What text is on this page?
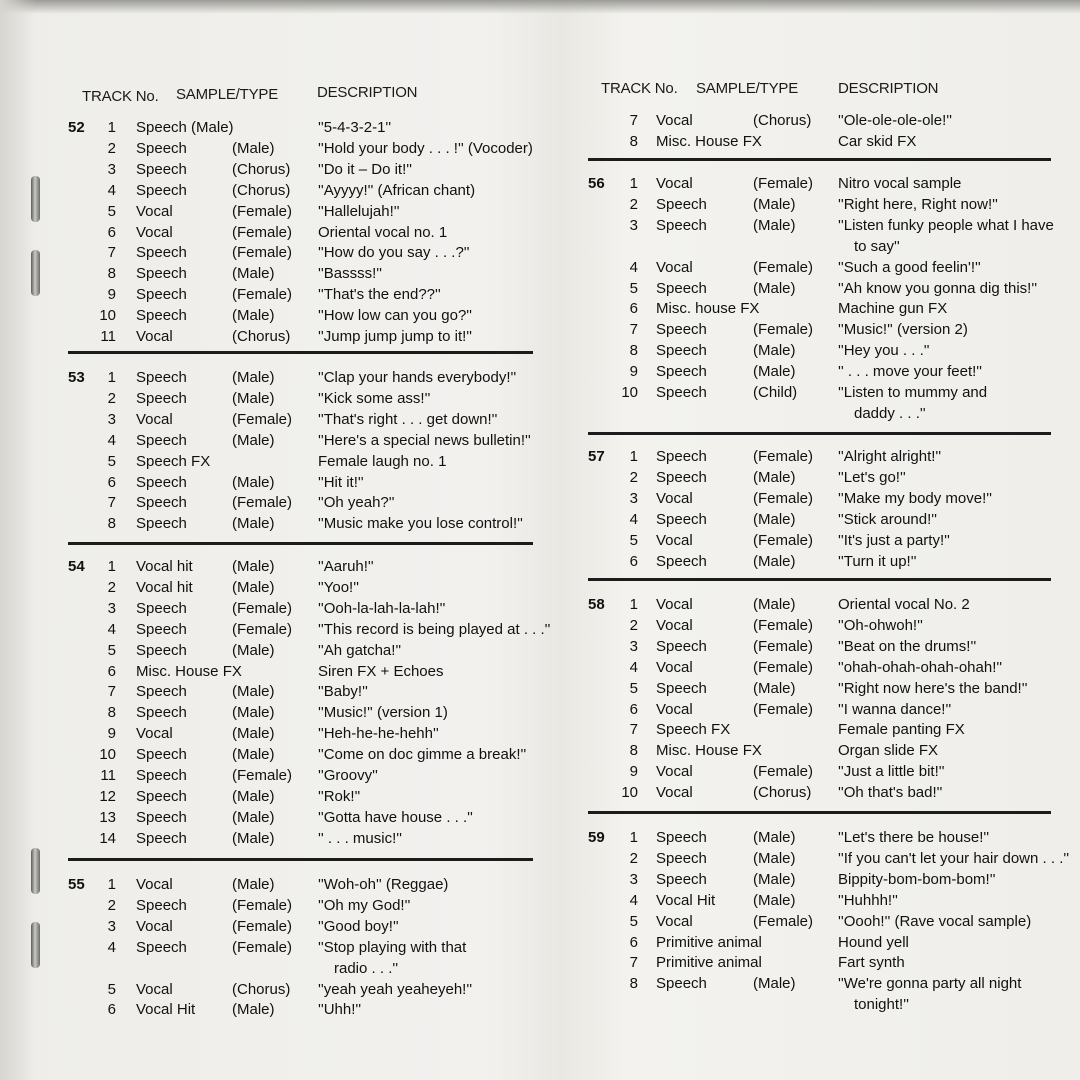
TRACK No. SAMPLE/TYPE	DESCRIPTION
52	1 Speech (Male)	''5-4-3-2-1''
2 Speech	(Male)	''Hold your body . . . !'' (Vocoder)
3 Speech	(Chorus) ''Do it – Do it!''
4 Speech	(Chorus) ''Ayyyy!'' (African chant)
5 Vocal	(Female) ''Hallelujah!''
6 Vocal	(Female) Oriental vocal no. 1
7 Speech	(Female) ''How do you say . . .?''
8 Speech	(Male)	''Bassss!''
9 Speech	(Female) ''That's the end??''
10 Speech	(Male)	''How low can you go?''
11 Vocal	(Chorus) ''Jump jump jump to it!''
53	1 Speech	(Male)	''Clap your hands everybody!''
2 Speech	(Male)	''Kick some ass!''
3 Vocal	(Female) ''That's right . . . get down!''
4 Speech	(Male)	''Here's a special news bulletin!''
5 Speech FX	Female laugh no. 1
6 Speech	(Male)	''Hit it!''
7 Speech	(Female) ''Oh yeah?''
8 Speech	(Male)	''Music make you lose control!''
54	1 Vocal hit	(Male)	''Aaruh!''
2 Vocal hit	(Male)	''Yoo!''
3 Speech	(Female) ''Ooh-la-lah-la-lah!''
4 Speech	(Female) ''This record is being played at . . .''
5 Speech	(Male)	''Ah gatcha!''
6 Misc. House FX	Siren FX + Echoes
7 Speech	(Male)	''Baby!''
8 Speech	(Male)	''Music!'' (version 1)
9 Vocal	(Male)	''Heh-he-he-hehh''
10 Speech	(Male)	''Come on doc gimme a break!''
11 Speech	(Female) ''Groovy''
12 Speech	(Male)	''Rok!''
13 Speech	(Male)	''Gotta have house . . .''
14 Speech	(Male)	'' . . . music!''
55	1 Vocal	(Male)	''Woh-oh'' (Reggae)
2 Speech	(Female) ''Oh my God!''
3 Vocal	(Female) ''Good boy!''
4 Speech	(Female) ''Stop playing with that
radio . . .''
5 Vocal	(Chorus) ''yeah yeah yeaheyeh!''
6 Vocal Hit (Male)	''Uhh!''
TRACK No. SAMPLE/TYPE	DESCRIPTION
7 Vocal	(Chorus) ''Ole-ole-ole-ole!''
8 Misc. House FX	Car skid FX
56	1 Vocal	(Female) Nitro vocal sample
2 Speech	(Male)	''Right here, Right now!''
3 Speech	(Male)	''Listen funky people what I have
to say''
4 Vocal	(Female) ''Such a good feelin'!''
5 Speech	(Male)	''Ah know you gonna dig this!''
6 Misc. house FX	Machine gun FX
7 Speech	(Female) ''Music!'' (version 2)
8 Speech	(Male)	''Hey you . . .''
9 Speech	(Male)	'' . . . move your feet!''
10 Speech	(Child)	''Listen to mummy and
daddy . . .''
57	1 Speech	(Female) ''Alright alright!''
2 Speech	(Male)	''Let's go!''
3 Vocal	(Female) ''Make my body move!''
4 Speech	(Male)	''Stick around!''
5 Vocal	(Female) ''It's just a party!''
6 Speech	(Male)	''Turn it up!''
58	1 Vocal	(Male)	Oriental vocal No. 2
2 Vocal	(Female) ''Oh-ohwoh!''
3 Speech	(Female) ''Beat on the drums!''
4 Vocal	(Female) ''ohah-ohah-ohah-ohah!''
5 Speech	(Male)	''Right now here's the band!''
6 Vocal	(Female) ''I wanna dance!''
7 Speech FX	Female panting FX
8 Misc. House FX	Organ slide FX
9 Vocal	(Female) ''Just a little bit!''
10 Vocal	(Chorus) ''Oh that's bad!''
59	1 Speech	(Male)	''Let's there be house!''
2 Speech	(Male)	''If you can't let your hair down . . .''
3 Speech	(Male)	Bippity-bom-bom-bom!''
4 Vocal Hit	(Male)	''Huhhh!''
5 Vocal	(Female) ''Oooh!'' (Rave vocal sample)
6 Primitive animal	Hound yell
7 Primitive animal	Fart synth
8 Speech	(Male)	''We're gonna party all night
tonight!''
